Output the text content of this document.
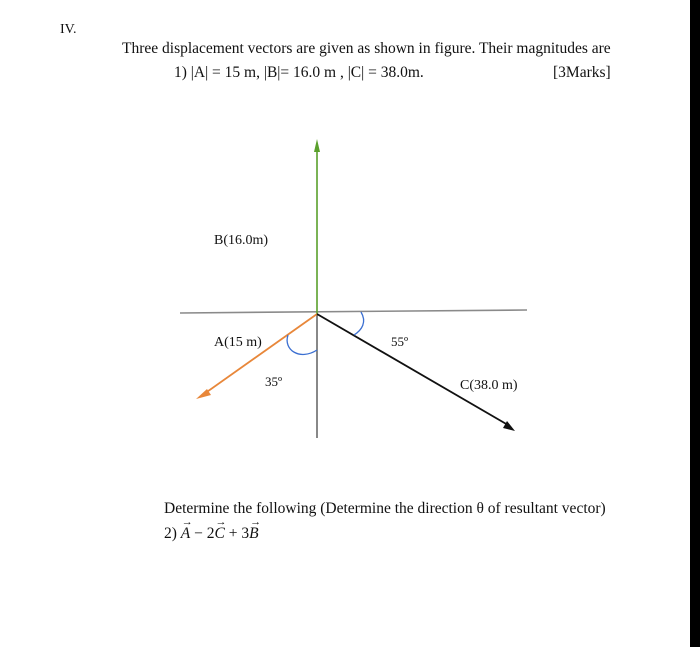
IV.
Three displacement vectors are given as shown in figure. Their magnitudes are
1) |A| = 15 m, |B|= 16.0 m , |C| = 38.0m.	[3Marks]
B(16.0m)
A(15 m)
C(38.0 m)
35º
55º
Determine the following (Determine the direction θ of resultant vector)
2)
→
A − 2
→
C + 3
→
B
